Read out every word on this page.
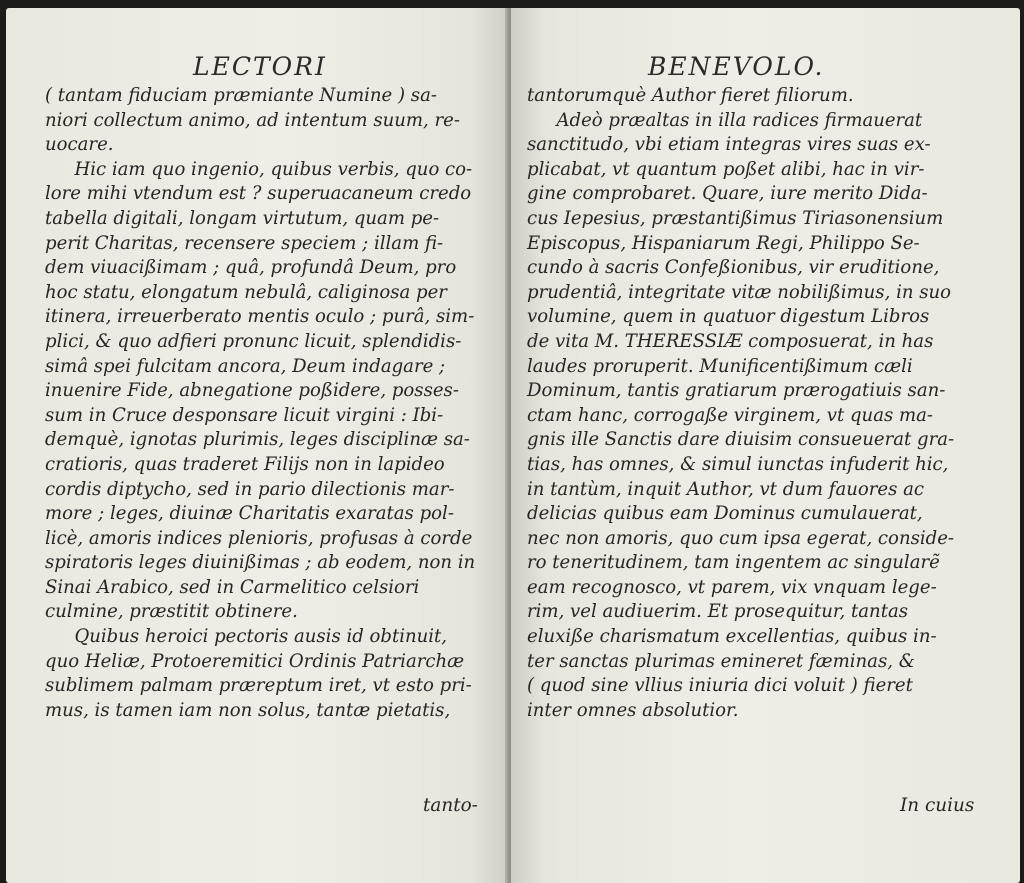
LECTORI
( tantam fiduciam præmiante Numine ) sa-
niori collectum animo, ad intentum suum, re-
uocare.
Hic iam quo ingenio, quibus verbis, quo co-
lore mihi vtendum est ? superuacaneum credo
tabella digitali, longam virtutum, quam pe-
perit Charitas, recensere speciem ; illam fi-
dem viuacißimam ; quâ, profundâ Deum, pro
hoc statu, elongatum nebulâ, caliginosa per
itinera, irreuerberato mentis oculo ; purâ, sim-
plici, & quo adfieri pronunc licuit, splendidis-
simâ spei fulcitam ancora, Deum indagare ;
inuenire Fide, abnegatione poßidere, posses-
sum in Cruce desponsare licuit virgini : Ibi-
demquè, ignotas plurimis, leges disciplinæ sa-
cratioris, quas traderet Filijs non in lapideo
cordis diptycho, sed in pario dilectionis mar-
more ; leges, diuinæ Charitatis exaratas pol-
licè, amoris indices plenioris, profusas à corde
spiratoris leges diuinißimas ; ab eodem, non in
Sinai Arabico, sed in Carmelitico celsiori
culmine, præstitit obtinere.
Quibus heroici pectoris ausis id obtinuit,
quo Heliæ, Protoeremitici Ordinis Patriarchæ
sublimem palmam præreptum iret, vt esto pri-
mus, is tamen iam non solus, tantæ pietatis,
tanto-
BENEVOLO.
tantorumquè Author fieret filiorum.
Adeò præaltas in illa radices firmauerat
sanctitudo, vbi etiam integras vires suas ex-
plicabat, vt quantum poßet alibi, hac in vir-
gine comprobaret. Quare, iure merito Dida-
cus Iepesius, præstantißimus Tiriasonensium
Episcopus, Hispaniarum Regi, Philippo Se-
cundo à sacris Confeßionibus, vir eruditione,
prudentiâ, integritate vitæ nobilißimus, in suo
volumine, quem in quatuor digestum Libros
de vita M. THERESSIÆ composuerat, in has
laudes proruperit. Munificentißimum cæli
Dominum, tantis gratiarum prærogatiuis san-
ctam hanc, corrogaße virginem, vt quas ma-
gnis ille Sanctis dare diuisim consueuerat gra-
tias, has omnes, & simul iunctas infuderit hic,
in tantùm, inquit Author, vt dum fauores ac
delicias quibus eam Dominus cumulauerat,
nec non amoris, quo cum ipsa egerat, conside-
ro teneritudinem, tam ingentem ac singularẽ
eam recognosco, vt parem, vix vnquam lege-
rim, vel audiuerim. Et prosequitur, tantas
eluxiße charismatum excellentias, quibus in-
ter sanctas plurimas emineret fæminas, &
( quod sine vllius iniuria dici voluit ) fieret
inter omnes absolutior.
In cuius
